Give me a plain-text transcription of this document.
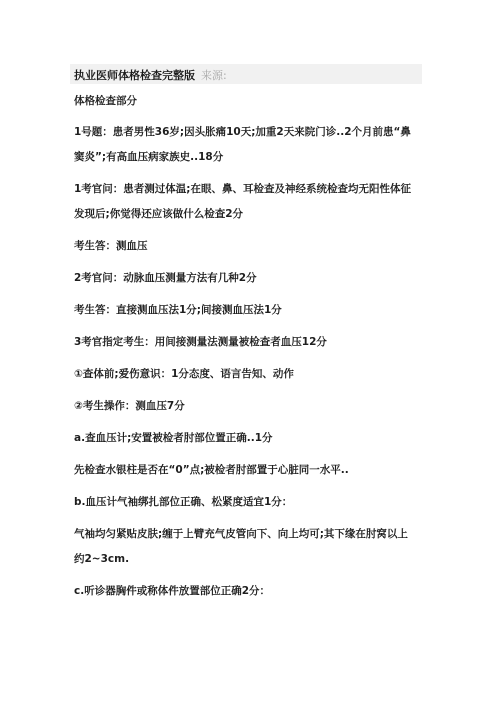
执业医师体格检查完整版 来源:
体格检查部分
1号题：患者男性36岁;因头胀痛10天;加重2天来院门诊..2个月前患“鼻
窦炎”;有高血压病家族史..18分
1考官问：患者测过体温;在眼、鼻、耳检查及神经系统检查均无阳性体征
发现后;你觉得还应该做什么检查2分
考生答：测血压
2考官问：动脉血压测量方法有几种2分
考生答：直接测血压法1分;间接测血压法1分
3考官指定考生：用间接测量法测量被检查者血压12分
①查体前;爱伤意识：1分态度、语言告知、动作
②考生操作：测血压7分
a.查血压计;安置被检者肘部位置正确..1分
先检查水银柱是否在“0”点;被检者肘部置于心脏同一水平..
b.血压计气袖绑扎部位正确、松紧度适宜1分：
气袖均匀紧贴皮肤;缠于上臂充气皮管向下、向上均可;其下缘在肘窝以上
约2~3cm.
c.听诊器胸件或称体件放置部位正确2分：
